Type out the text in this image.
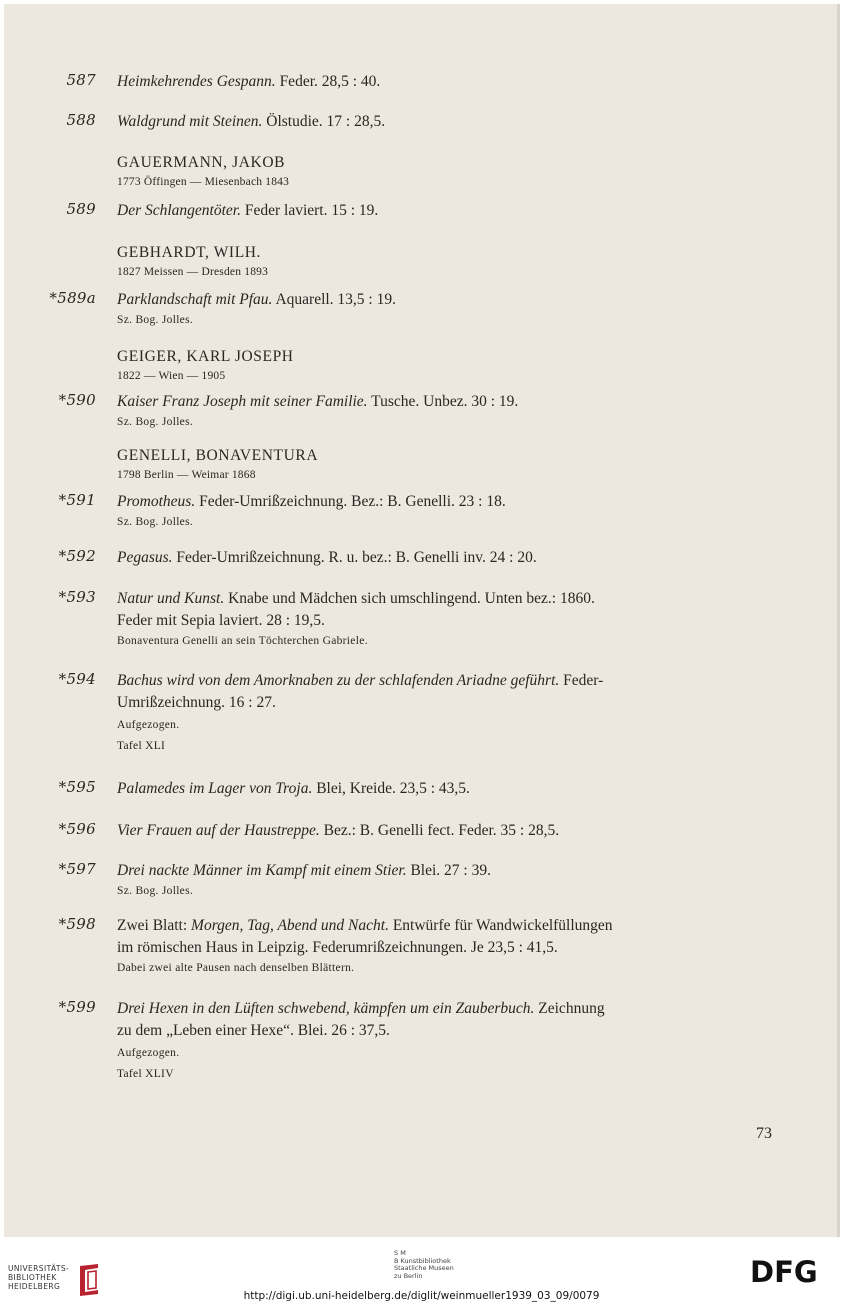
587 Heimkehrendes Gespann. Feder. 28,5 : 40.
588 Waldgrund mit Steinen. Ölstudie. 17 : 28,5.
GAUERMANN, JAKOB
1773 Öffingen — Miesenbach 1843
589 Der Schlangentöter. Feder laviert. 15 : 19.
GEBHARDT, WILH.
1827 Meissen — Dresden 1893
*589a Parklandschaft mit Pfau. Aquarell. 13,5 : 19.
Sz. Bog. Jolles.
GEIGER, KARL JOSEPH
1822 — Wien — 1905
*590 Kaiser Franz Joseph mit seiner Familie. Tusche. Unbez. 30 : 19.
Sz. Bog. Jolles.
GENELLI, BONAVENTURA
1798 Berlin — Weimar 1868
*591 Promotheus. Feder-Umrißzeichnung. Bez.: B. Genelli. 23 : 18.
Sz. Bog. Jolles.
*592 Pegasus. Feder-Umrißzeichnung. R. u. bez.: B. Genelli inv. 24 : 20.
*593 Natur und Kunst. Knabe und Mädchen sich umschlingend. Unten bez.: 1860.
Feder mit Sepia laviert. 28 : 19,5.
Bonaventura Genelli an sein Töchterchen Gabriele.
*594 Bachus wird von dem Amorknaben zu der schlafenden Ariadne geführt. Feder-
Umrißzeichnung. 16 : 27.
Aufgezogen.
Tafel XLI
*595 Palamedes im Lager von Troja. Blei, Kreide. 23,5 : 43,5.
*596 Vier Frauen auf der Haustreppe. Bez.: B. Genelli fect. Feder. 35 : 28,5.
*597 Drei nackte Männer im Kampf mit einem Stier. Blei. 27 : 39.
Sz. Bog. Jolles.
*598 Zwei Blatt: Morgen, Tag, Abend und Nacht. Entwürfe für Wandwickelfüllungen
im römischen Haus in Leipzig. Federumrißzeichnungen. Je 23,5 : 41,5.
Dabei zwei alte Pausen nach denselben Blättern.
*599 Drei Hexen in den Lüften schwebend, kämpfen um ein Zauberbuch. Zeichnung
zu dem „Leben einer Hexe“. Blei. 26 : 37,5.
Aufgezogen.
Tafel XLIV
73
UNIVERSITÄTS-
BIBLIOTHEK
HEIDELBERG
S M
B Kunstbibliothek
Staatliche Museen
zu Berlin	DFG
http://digi.ub.uni-heidelberg.de/diglit/weinmueller1939_03_09/0079
